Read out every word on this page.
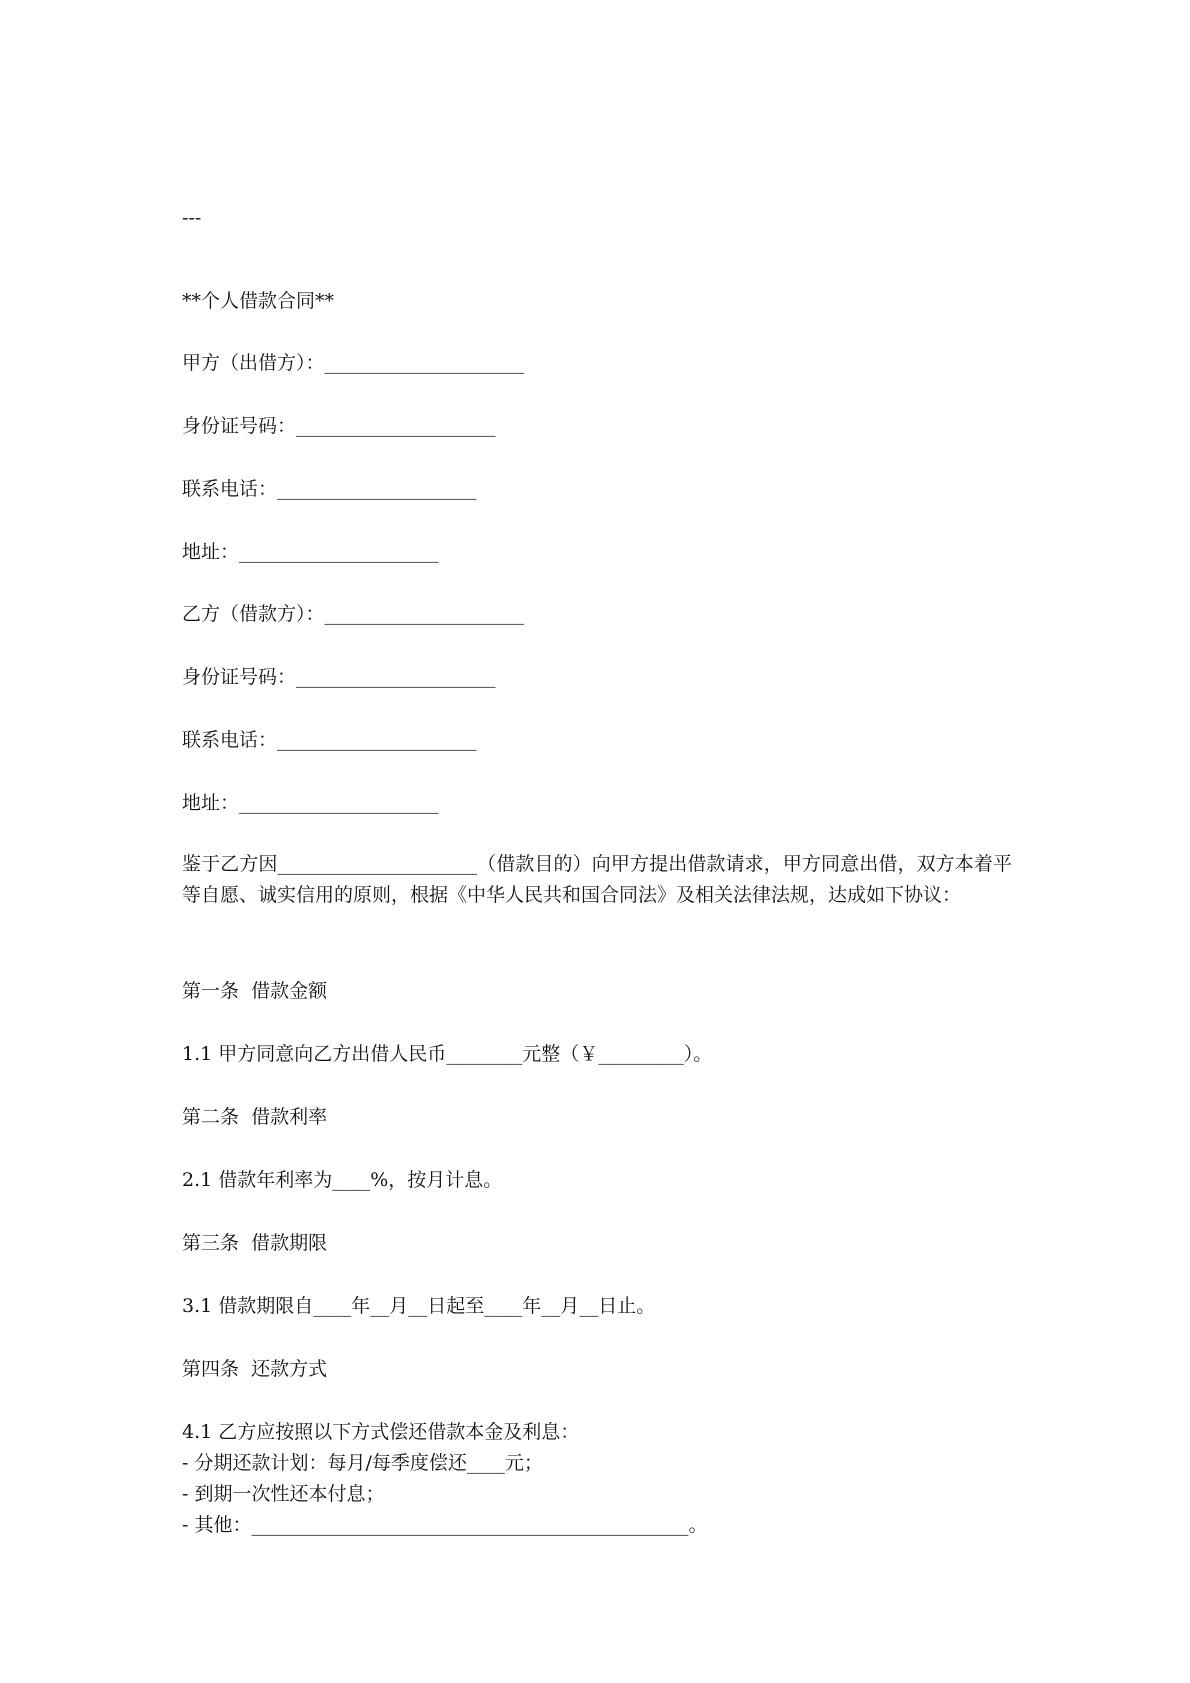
---
**个人借款合同**
甲方（出借方）：_____________________
身份证号码：_____________________
联系电话：_____________________
地址：_____________________
乙方（借款方）：_____________________
身份证号码：_____________________
联系电话：_____________________
地址：_____________________
鉴于乙方因_____________________（借款目的）向甲方提出借款请求，甲方同意出借，双方本着平等自愿、诚实信用的原则，根据《中华人民共和国合同法》及相关法律法规，达成如下协议：
第一条  借款金额
1.1 甲方同意向乙方出借人民币________元整（￥_________）。
第二条  借款利率
2.1 借款年利率为____%，按月计息。
第三条  借款期限
3.1 借款期限自____年__月__日起至____年__月__日止。
第四条  还款方式
4.1 乙方应按照以下方式偿还借款本金及利息：
- 分期还款计划：每月/每季度偿还____元；
- 到期一次性还本付息；
- 其他：______________________________________________。
